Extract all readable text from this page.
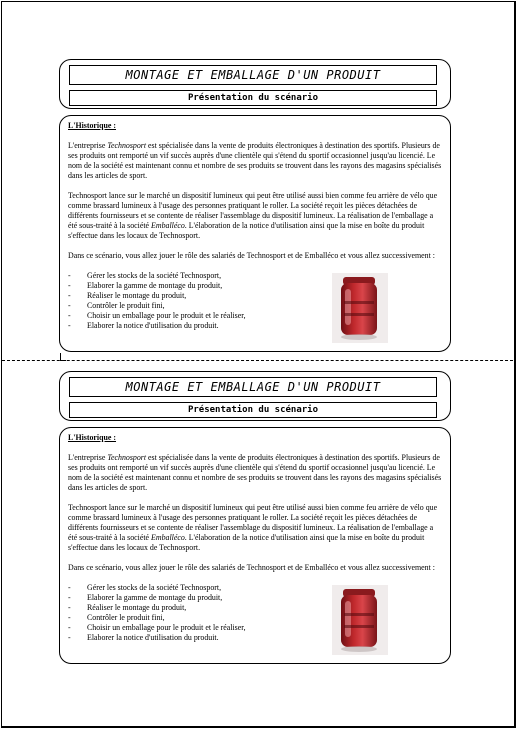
MONTAGE ET EMBALLAGE D'UN PRODUIT
Présentation du scénario
L'Historique :

L'entreprise Technosport est spécialisée dans la vente de produits électroniques à destination des sportifs. Plusieurs de ses produits ont remporté un vif succès auprès d'une clientèle qui s'étend du sportif occasionnel jusqu'au licencié. Le nom de la société est maintenant connu et nombre de ses produits se trouvent dans les rayons des magasins spécialisés dans les articles de sport.

Technosport lance sur le marché un dispositif lumineux qui peut être utilisé aussi bien comme feu arrière de vélo que comme brassard lumineux à l'usage des personnes pratiquant le roller. La société reçoit les pièces détachées de différents fournisseurs et se contente de réaliser l'assemblage du dispositif lumineux. La réalisation de l'emballage a été sous-traité à la société Emballéco. L'élaboration de la notice d'utilisation ainsi que la mise en boîte du produit s'effectue dans les locaux de Technosport.

Dans ce scénario, vous allez jouer le rôle des salariés de Technosport et de Emballéco et vous allez successivement :

- Gérer les stocks de la société Technosport,
- Elaborer la gamme de montage du produit,
- Réaliser le montage du produit,
- Contrôler le produit fini,
- Choisir un emballage pour le produit et le réaliser,
- Elaborer la notice d'utilisation du produit.
MONTAGE ET EMBALLAGE D'UN PRODUIT
Présentation du scénario
L'Historique :

L'entreprise Technosport est spécialisée dans la vente de produits électroniques à destination des sportifs. Plusieurs de ses produits ont remporté un vif succès auprès d'une clientèle qui s'étend du sportif occasionnel jusqu'au licencié. Le nom de la société est maintenant connu et nombre de ses produits se trouvent dans les rayons des magasins spécialisés dans les articles de sport.

Technosport lance sur le marché un dispositif lumineux qui peut être utilisé aussi bien comme feu arrière de vélo que comme brassard lumineux à l'usage des personnes pratiquant le roller. La société reçoit les pièces détachées de différents fournisseurs et se contente de réaliser l'assemblage du dispositif lumineux. La réalisation de l'emballage a été sous-traité à la société Emballéco. L'élaboration de la notice d'utilisation ainsi que la mise en boîte du produit s'effectue dans les locaux de Technosport.

Dans ce scénario, vous allez jouer le rôle des salariés de Technosport et de Emballéco et vous allez successivement :

- Gérer les stocks de la société Technosport,
- Elaborer la gamme de montage du produit,
- Réaliser le montage du produit,
- Contrôler le produit fini,
- Choisir un emballage pour le produit et le réaliser,
- Elaborer la notice d'utilisation du produit.
